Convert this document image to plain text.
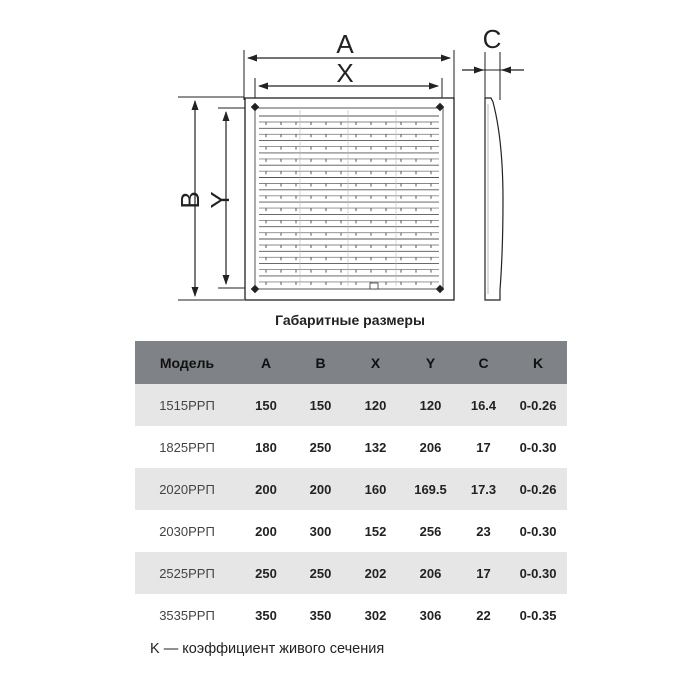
A
X
C
B Y
Габаритные размеры
Модель	A	B	X	Y	C	K
1515РРП	150	150	120	120	16.4	0-0.26
1825РРП	180	250	132	206	17	0-0.30
2020РРП	200	200	160	169.5	17.3	0-0.26
2030РРП	200	300	152	256	23	0-0.30
2525РРП	250	250	202	206	17	0-0.30
3535РРП	350	350	302	306	22	0-0.35
K — коэффициент живого сечения
